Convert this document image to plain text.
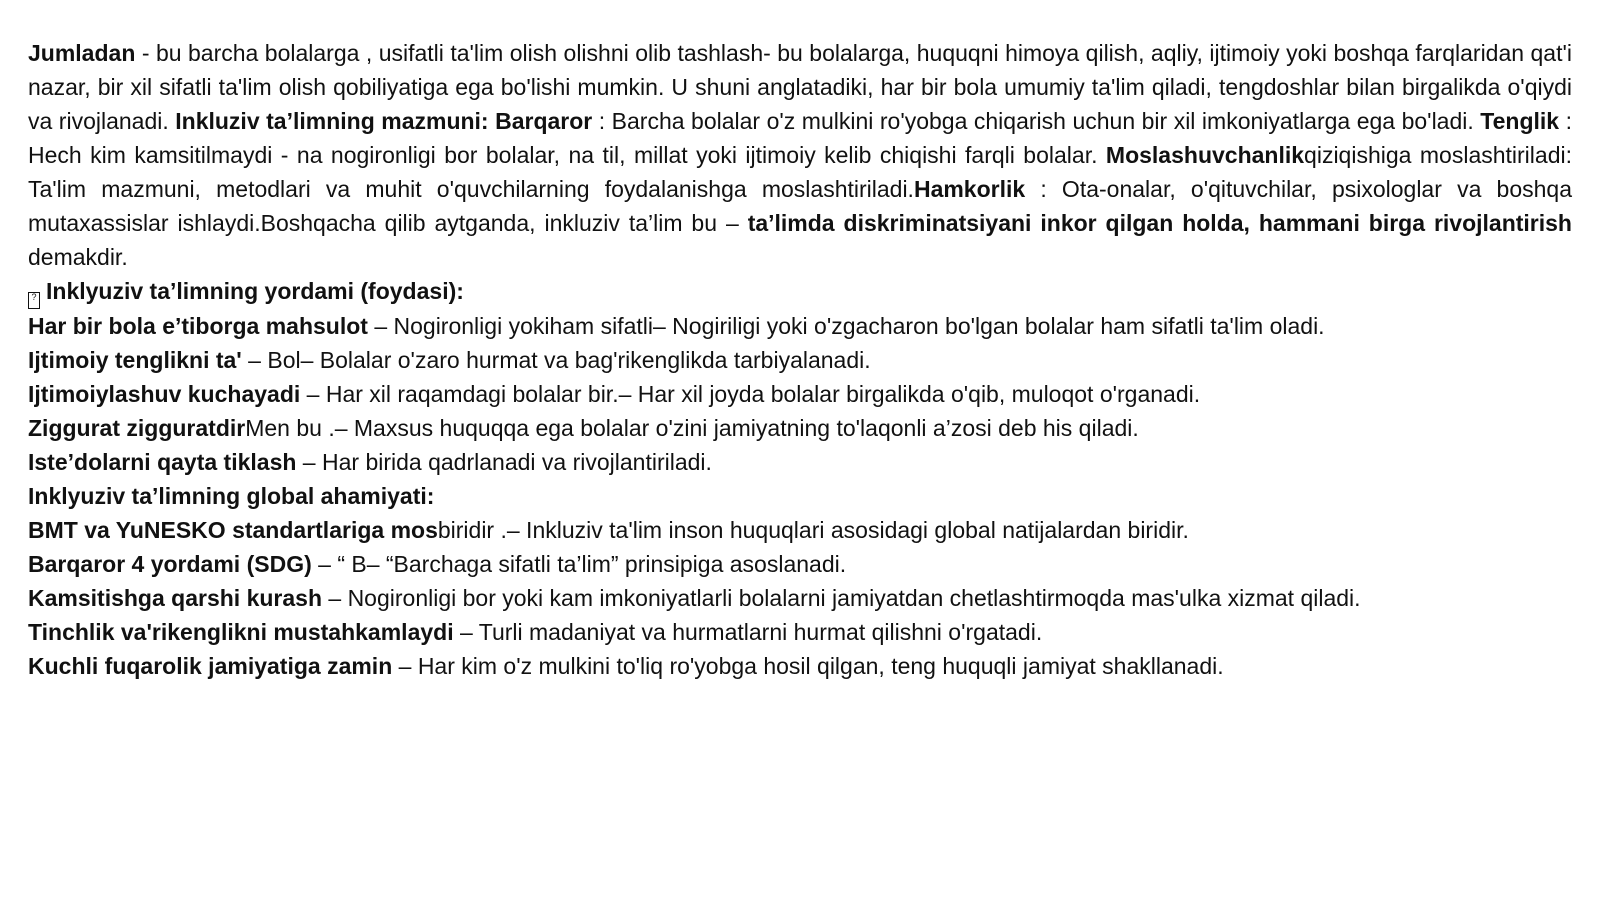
Jumladan - bu barcha bolalarga , usifatli ta'lim olish olishni olib tashlash- bu bolalarga, huquqni himoya qilish, aqliy, ijtimoiy yoki boshqa farqlaridan qat'i nazar, bir xil sifatli ta'lim olish qobiliyatiga ega bo'lishi mumkin. U shuni anglatadiki, har bir bola umumiy ta'lim qiladi, tengdoshlar bilan birgalikda o'qiydi va rivojlanadi. Inkluziv ta’limning mazmuni: Barqaror : Barcha bolalar o'z mulkini ro'yobga chiqarish uchun bir xil imkoniyatlarga ega bo'ladi. Tenglik : Hech kim kamsitilmaydi - na nogironligi bor bolalar, na til, millat yoki ijtimoiy kelib chiqishi farqli bolalar. Moslashuvchanlikqiziqishiga moslashtiriladi: Ta'lim mazmuni, metodlari va muhit o'quvchilarning foydalanishga moslashtiriladi.Hamkorlik : Ota-onalar, o'qituvchilar, psixologlar va boshqa mutaxassislar ishlaydi.Boshqacha qilib aytganda, inkluziv ta’lim bu – ta’limda diskriminatsiyani inkor qilgan holda, hammani birga rivojlantirish demakdir.

? Inklyuziv ta’limning yordami (foydasi):

Har bir bola e’tiborga mahsulot – Nogironligi yokiham sifatli– Nogiriligi yoki o'zgacharon bo'lgan bolalar ham sifatli ta'lim oladi.

Ijtimoiy tenglikni ta' – Bol– Bolalar o'zaro hurmat va bag'rikenglikda tarbiyalanadi.

Ijtimoiylashuv kuchayadi – Har xil raqamdagi bolalar bir.– Har xil joyda bolalar birgalikda o'qib, muloqot o'rganadi.

Ziggurat zigguratdirMen bu .– Maxsus huquqqa ega bolalar o'zini jamiyatning to'laqonli a’zosi deb his qiladi.

Iste’dolarni qayta tiklash – Har birida qadrlanadi va rivojlantiriladi.

Inklyuziv ta’limning global ahamiyati:

BMT va YuNESKO standartlariga mosbiridir .– Inkluziv ta'lim inson huquqlari asosidagi global natijalardan biridir.

Barqaror 4 yordami (SDG) – “ B– “Barchaga sifatli ta’lim” prinsipiga asoslanadi.

Kamsitishga qarshi kurash – Nogironligi bor yoki kam imkoniyatlarli bolalarni jamiyatdan chetlashtirmoqda mas'ulka xizmat qiladi.

Tinchlik va'rikenglikni mustahkamlaydi – Turli madaniyat va hurmatlarni hurmat qilishni o'rgatadi.

Kuchli fuqarolik jamiyatiga zamin – Har kim o'z mulkini to'liq ro'yobga hosil qilgan, teng huquqli jamiyat shakllanadi.
